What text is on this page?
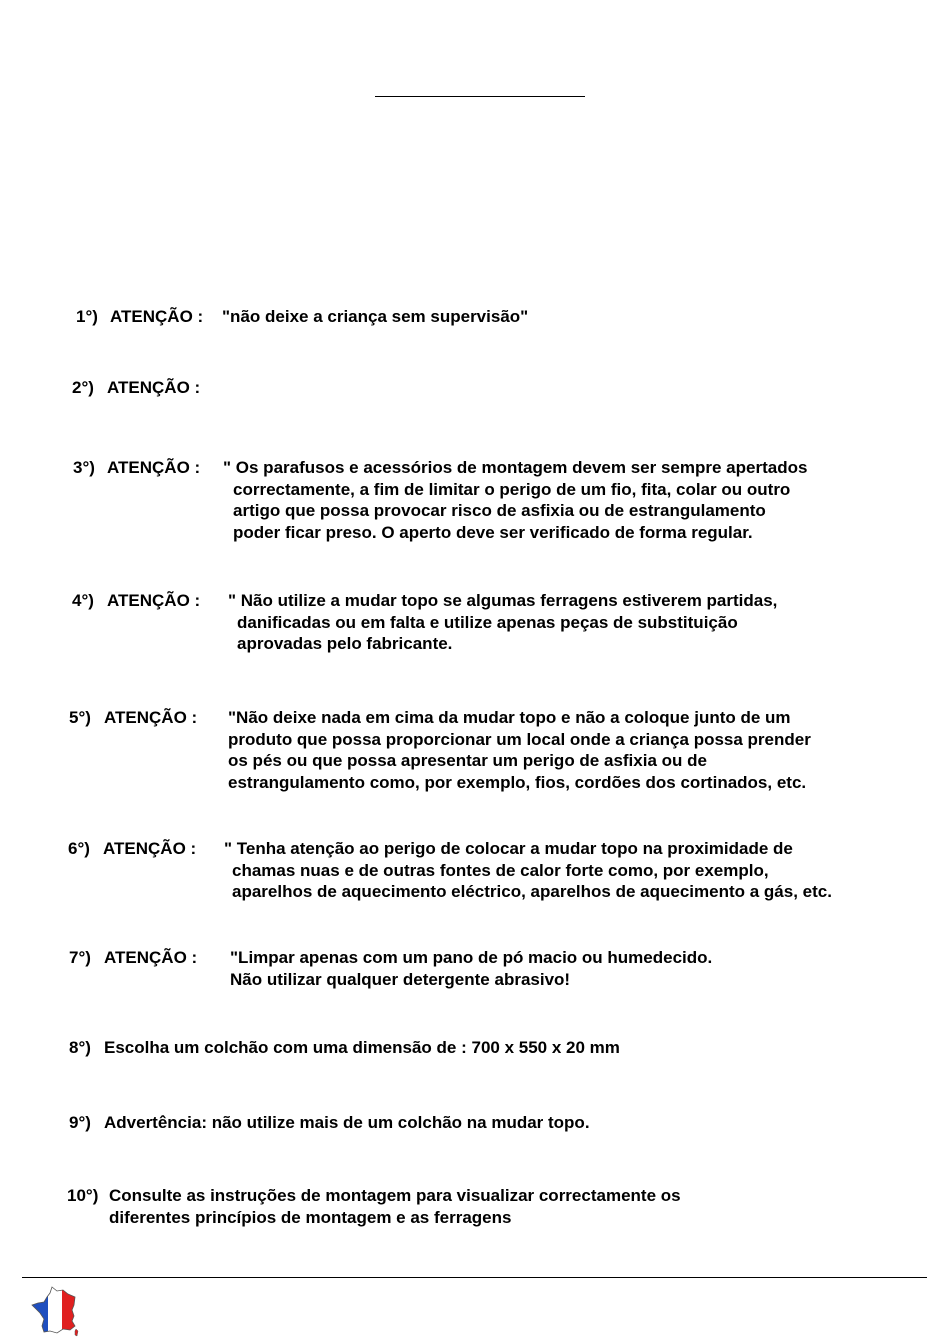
1°) ATENÇÃO : "não deixe a criança sem supervisão"
2°) ATENÇÃO :
3°) ATENÇÃO : " Os parafusos e acessórios de montagem devem ser sempre apertados
correctamente, a fim de limitar o perigo de um fio, fita, colar ou outro
artigo que possa provocar risco de asfixia ou de estrangulamento
poder ficar preso. O aperto deve ser verificado de forma regular.
4°) ATENÇÃO : " Não utilize a mudar topo se algumas ferragens estiverem partidas,
danificadas ou em falta e utilize apenas peças de substituição
aprovadas pelo fabricante.
5°) ATENÇÃO : "Não deixe nada em cima da mudar topo e não a coloque junto de um
produto que possa proporcionar um local onde a criança possa prender
os pés ou que possa apresentar um perigo de asfixia ou de
estrangulamento como, por exemplo, fios, cordões dos cortinados, etc.
6°) ATENÇÃO : " Tenha atenção ao perigo de colocar a mudar topo na proximidade de
chamas nuas e de outras fontes de calor forte como, por exemplo,
aparelhos de aquecimento eléctrico, aparelhos de aquecimento a gás, etc.
7°) ATENÇÃO : "Limpar apenas com um pano de pó macio ou humedecido.
Não utilizar qualquer detergente abrasivo!
8°) Escolha um colchão com uma dimensão de : 700 x 550 x 20 mm
9°) Advertência: não utilize mais de um colchão na mudar topo.
10°) Consulte as instruções de montagem para visualizar correctamente os
diferentes princípios de montagem e as ferragens
